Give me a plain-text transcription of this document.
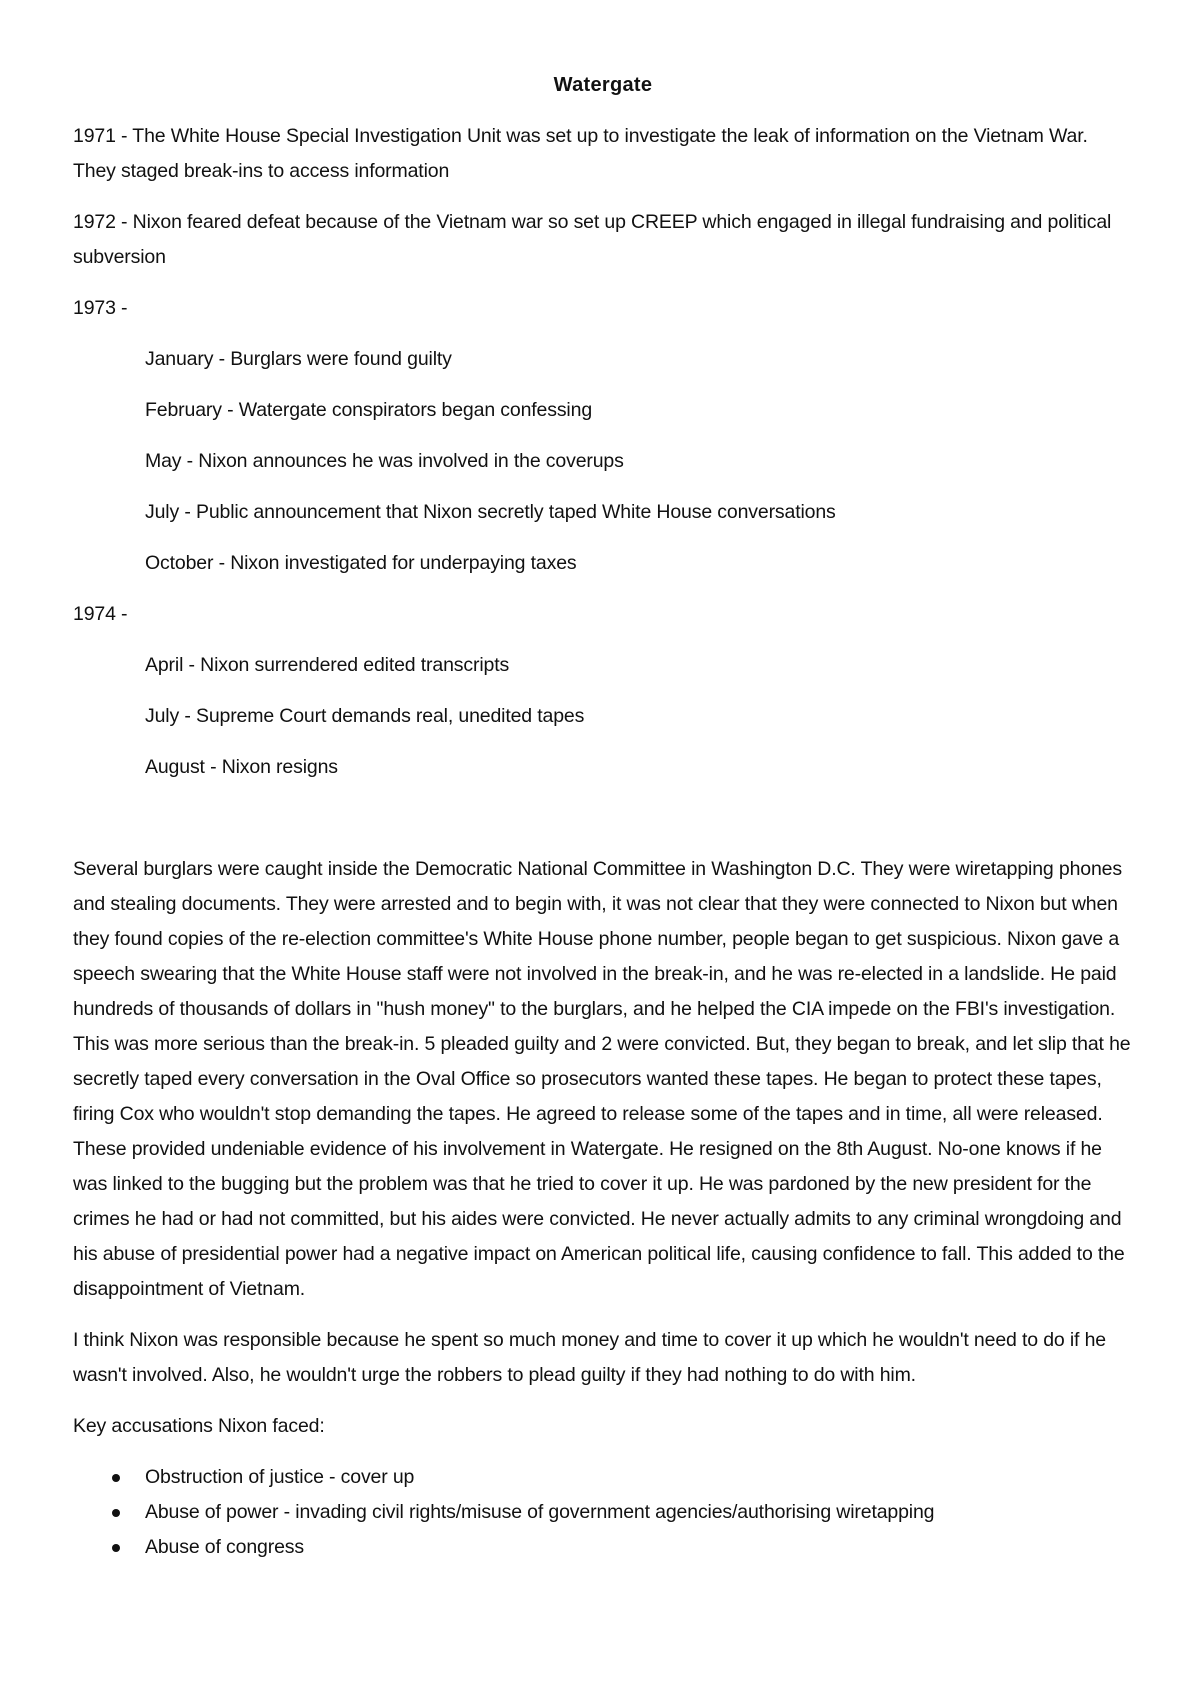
Watergate

1971 - The White House Special Investigation Unit was set up to investigate the leak of information on the Vietnam War. They staged break-ins to access information

1972 - Nixon feared defeat because of the Vietnam war so set up CREEP which engaged in illegal fundraising and political subversion

1973 -
January - Burglars were found guilty
February - Watergate conspirators began confessing
May - Nixon announces he was involved in the coverups
July - Public announcement that Nixon secretly taped White House conversations
October - Nixon investigated for underpaying taxes
1974 -
April - Nixon surrendered edited transcripts
July - Supreme Court demands real, unedited tapes
August - Nixon resigns

Several burglars were caught inside the Democratic National Committee in Washington D.C. They were wiretapping phones and stealing documents. They were arrested and to begin with, it was not clear that they were connected to Nixon but when they found copies of the re-election committee's White House phone number, people began to get suspicious. Nixon gave a speech swearing that the White House staff were not involved in the break-in, and he was re-elected in a landslide. He paid hundreds of thousands of dollars in "hush money" to the burglars, and he helped the CIA impede on the FBI's investigation. This was more serious than the break-in. 5 pleaded guilty and 2 were convicted. But, they began to break, and let slip that he secretly taped every conversation in the Oval Office so prosecutors wanted these tapes. He began to protect these tapes, firing Cox who wouldn't stop demanding the tapes. He agreed to release some of the tapes and in time, all were released. These provided undeniable evidence of his involvement in Watergate. He resigned on the 8th August. No-one knows if he was linked to the bugging but the problem was that he tried to cover it up. He was pardoned by the new president for the crimes he had or had not committed, but his aides were convicted. He never actually admits to any criminal wrongdoing and his abuse of presidential power had a negative impact on American political life, causing confidence to fall. This added to the disappointment of Vietnam.

I think Nixon was responsible because he spent so much money and time to cover it up which he wouldn't need to do if he wasn't involved. Also, he wouldn't urge the robbers to plead guilty if they had nothing to do with him.

Key accusations Nixon faced:

Obstruction of justice - cover up
Abuse of power - invading civil rights/misuse of government agencies/authorising wiretapping
Abuse of congress
